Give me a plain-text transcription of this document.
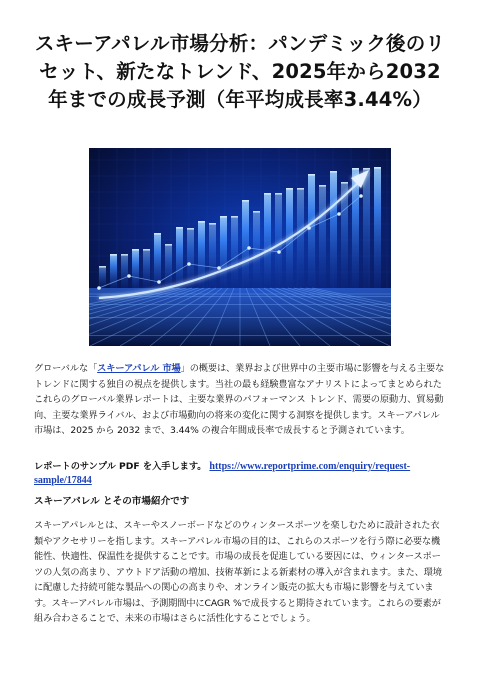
スキーアパレル市場分析：パンデミック後のリセット、新たなトレンド、2025年から2032年までの成長予測（年平均成長率3.44%）

グローバルな「スキーアパレル 市場」の概要は、業界および世界中の主要市場に影響を与える主要なトレンドに関する独自の視点を提供します。当社の最も経験豊富なアナリストによってまとめられたこれらのグローバル業界レポートは、主要な業界のパフォーマンス トレンド、需要の原動力、貿易動向、主要な業界ライバル、および市場動向の将来の変化に関する洞察を提供します。スキーアパレル 市場は、2025 から 2032 まで、3.44% の複合年間成長率で成長すると予測されています。

レポートのサンプル PDF を入手します。 https://www.reportprime.com/enquiry/request-sample/17844

スキーアパレル とその市場紹介です

スキーアパレルとは、スキーやスノーボードなどのウィンタースポーツを楽しむために設計された衣類やアクセサリーを指します。スキーアパレル市場の目的は、これらのスポーツを行う際に必要な機能性、快適性、保温性を提供することです。市場の成長を促進している要因には、ウィンタースポーツの人気の高まり、アウトドア活動の増加、技術革新による新素材の導入が含まれます。また、環境に配慮した持続可能な製品への関心の高まりや、オンライン販売の拡大も市場に影響を与えています。スキーアパレル市場は、予測期間中にCAGR %で成長すると期待されています。これらの要素が組み合わさることで、未来の市場はさらに活性化することでしょう。
